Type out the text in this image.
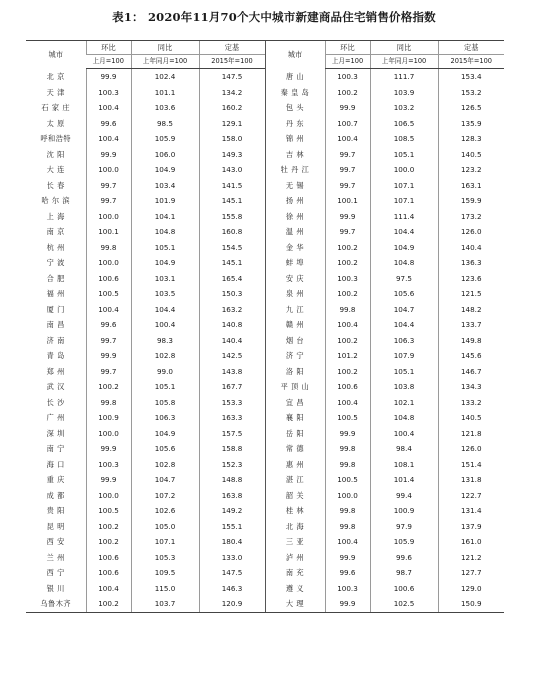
表1： 2020年11月70个大中城市新建商品住宅销售价格指数
城市	环比	同比	定基	城市	环比	同比	定基
	上月=100	上年同月=100	2015年=100		上月=100	上年同月=100	2015年=100
北 京	99.9	102.4	147.5	唐 山	100.3	111.7	153.4
天 津	100.3	101.1	134.2	秦 皇 岛	100.2	103.9	153.2
石 家 庄	100.4	103.6	160.2	包 头	99.9	103.2	126.5
太 原	99.6	98.5	129.1	丹 东	100.7	106.5	135.9
呼和浩特	100.4	105.9	158.0	锦 州	100.4	108.5	128.3
沈 阳	99.9	106.0	149.3	吉 林	99.7	105.1	140.5
大 连	100.0	104.9	143.0	牡 丹 江	99.7	100.0	123.2
长 春	99.7	103.4	141.5	无 锡	99.7	107.1	163.1
哈 尔 滨	99.7	101.9	145.1	扬 州	100.1	107.1	159.9
上 海	100.0	104.1	155.8	徐 州	99.9	111.4	173.2
南 京	100.1	104.8	160.8	温 州	99.7	104.4	126.0
杭 州	99.8	105.1	154.5	金 华	100.2	104.9	140.4
宁 波	100.0	104.9	145.1	蚌 埠	100.2	104.8	136.3
合 肥	100.6	103.1	165.4	安 庆	100.3	97.5	123.6
福 州	100.5	103.5	150.3	泉 州	100.2	105.6	121.5
厦 门	100.4	104.4	163.2	九 江	99.8	104.7	148.2
南 昌	99.6	100.4	140.8	赣 州	100.4	104.4	133.7
济 南	99.7	98.3	140.4	烟 台	100.2	106.3	149.8
青 岛	99.9	102.8	142.5	济 宁	101.2	107.9	145.6
郑 州	99.7	99.0	143.8	洛 阳	100.2	105.1	146.7
武 汉	100.2	105.1	167.7	平 顶 山	100.6	103.8	134.3
长 沙	99.8	105.8	153.3	宜 昌	100.4	102.1	133.2
广 州	100.9	106.3	163.3	襄 阳	100.5	104.8	140.5
深 圳	100.0	104.9	157.5	岳 阳	99.9	100.4	121.8
南 宁	99.9	105.6	158.8	常 德	99.8	98.4	126.0
海 口	100.3	102.8	152.3	惠 州	99.8	108.1	151.4
重 庆	99.9	104.7	148.8	湛 江	100.5	101.4	131.8
成 都	100.0	107.2	163.8	韶 关	100.0	99.4	122.7
贵 阳	100.5	102.6	149.2	桂 林	99.8	100.9	131.4
昆 明	100.2	105.0	155.1	北 海	99.8	97.9	137.9
西 安	100.2	107.1	180.4	三 亚	100.4	105.9	161.0
兰 州	100.6	105.3	133.0	泸 州	99.9	99.6	121.2
西 宁	100.6	109.5	147.5	南 充	99.6	98.7	127.7
银 川	100.4	115.0	146.3	遵 义	100.3	100.6	129.0
乌鲁木齐	100.2	103.7	120.9	大 理	99.9	102.5	150.9
